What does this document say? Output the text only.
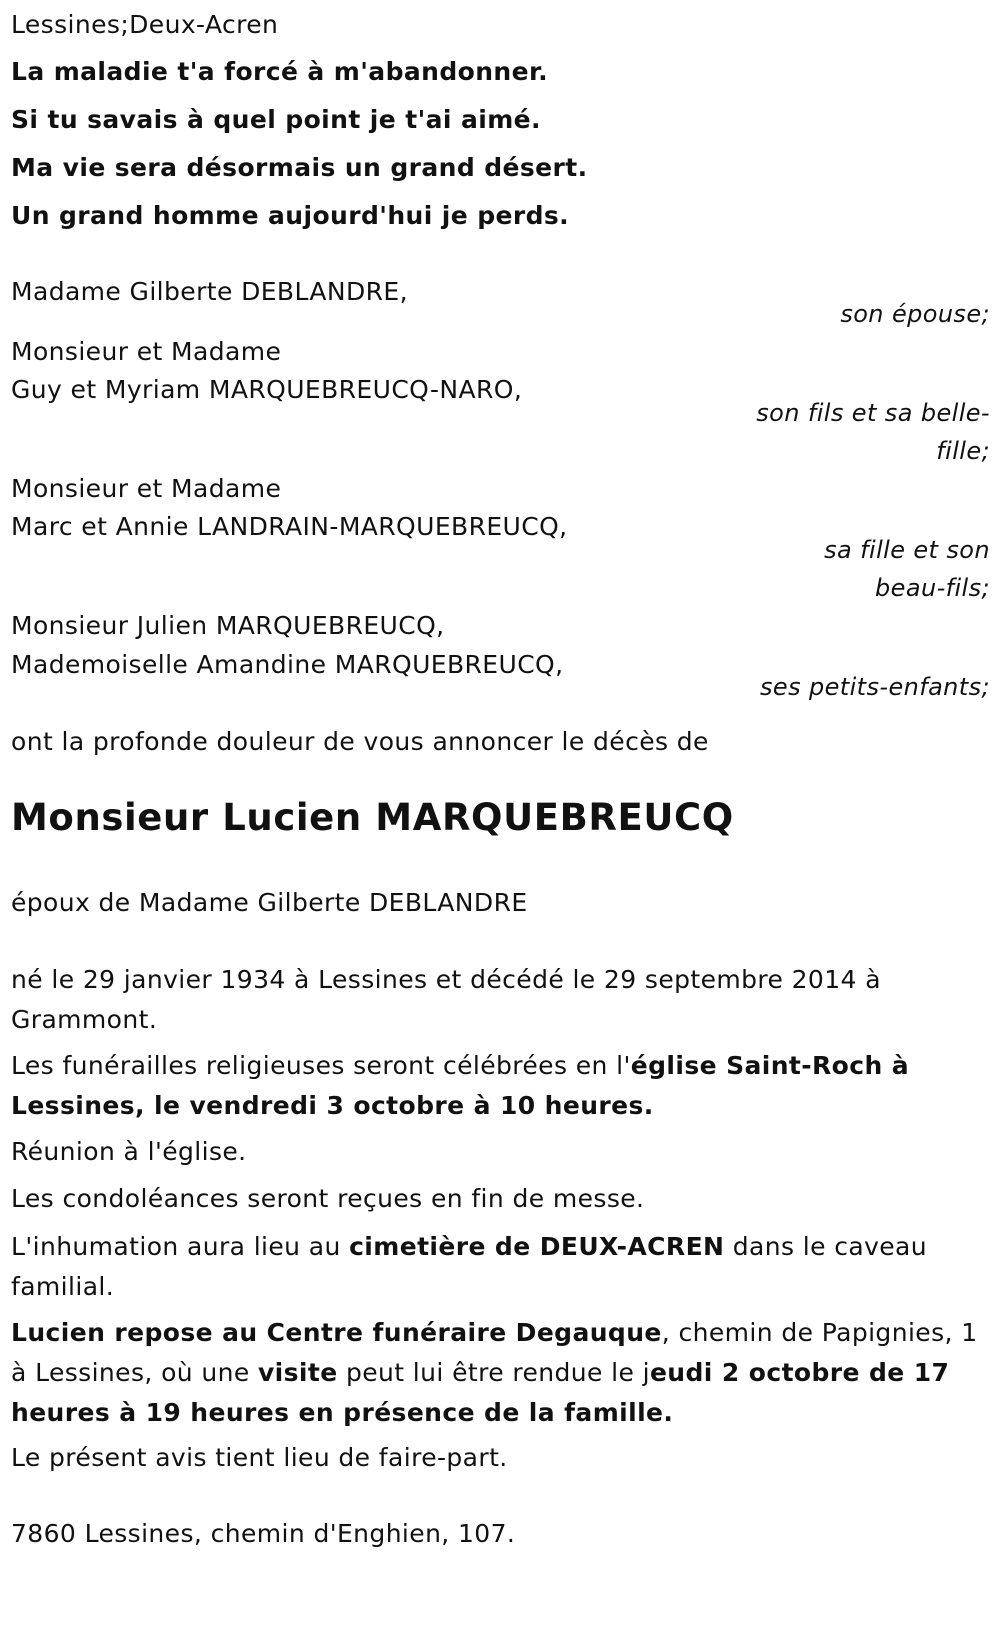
Lessines;Deux-Acren

La maladie t'a forcé à m'abandonner.

Si tu savais à quel point je t'ai aimé.

Ma vie sera désormais un grand désert.

Un grand homme aujourd'hui je perds.

Madame Gilberte DEBLANDRE,

son épouse;

Monsieur et Madame

Guy et Myriam MARQUEBREUCQ-NARO,

son fils et sa belle-

fille;

Monsieur et Madame

Marc et Annie LANDRAIN-MARQUEBREUCQ,

sa fille et son

beau-fils;

Monsieur Julien MARQUEBREUCQ,

Mademoiselle Amandine MARQUEBREUCQ,

ses petits-enfants;

ont la profonde douleur de vous annoncer le décès de

Monsieur Lucien MARQUEBREUCQ

époux de Madame Gilberte DEBLANDRE

né le 29 janvier 1934 à Lessines et décédé le 29 septembre 2014 à Grammont.

Les funérailles religieuses seront célébrées en l'église Saint-Roch à Lessines, le vendredi 3 octobre à 10 heures.

Réunion à l'église.

Les condoléances seront reçues en fin de messe.

L'inhumation aura lieu au cimetière de DEUX-ACREN dans le caveau familial.

Lucien repose au Centre funéraire Degauque, chemin de Papignies, 1 à Lessines, où une visite peut lui être rendue le jeudi 2 octobre de 17 heures à 19 heures en présence de la famille.

Le présent avis tient lieu de faire-part.

7860 Lessines, chemin d'Enghien, 107.
